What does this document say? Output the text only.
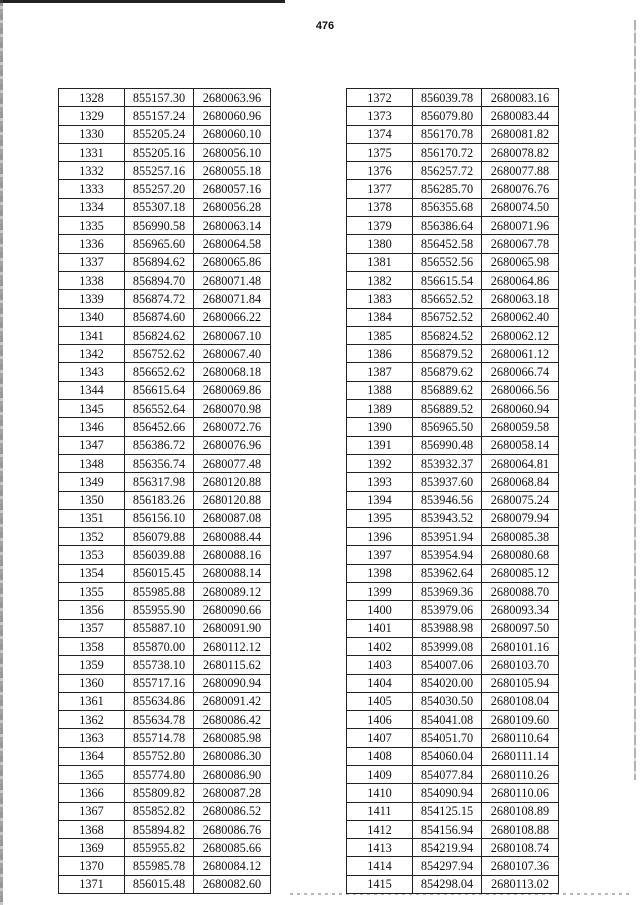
476
1328	855157.30	2680063.96
1329	855157.24	2680060.96
1330	855205.24	2680060.10
1331	855205.16	2680056.10
1332	855257.16	2680055.18
1333	855257.20	2680057.16
1334	855307.18	2680056.28
1335	856990.58	2680063.14
1336	856965.60	2680064.58
1337	856894.62	2680065.86
1338	856894.70	2680071.48
1339	856874.72	2680071.84
1340	856874.60	2680066.22
1341	856824.62	2680067.10
1342	856752.62	2680067.40
1343	856652.62	2680068.18
1344	856615.64	2680069.86
1345	856552.64	2680070.98
1346	856452.66	2680072.76
1347	856386.72	2680076.96
1348	856356.74	2680077.48
1349	856317.98	2680120.88
1350	856183.26	2680120.88
1351	856156.10	2680087.08
1352	856079.88	2680088.44
1353	856039.88	2680088.16
1354	856015.45	2680088.14
1355	855985.88	2680089.12
1356	855955.90	2680090.66
1357	855887.10	2680091.90
1358	855870.00	2680112.12
1359	855738.10	2680115.62
1360	855717.16	2680090.94
1361	855634.86	2680091.42
1362	855634.78	2680086.42
1363	855714.78	2680085.98
1364	855752.80	2680086.30
1365	855774.80	2680086.90
1366	855809.82	2680087.28
1367	855852.82	2680086.52
1368	855894.82	2680086.76
1369	855955.82	2680085.66
1370	855985.78	2680084.12
1371	856015.48	2680082.60
1372	856039.78	2680083.16
1373	856079.80	2680083.44
1374	856170.78	2680081.82
1375	856170.72	2680078.82
1376	856257.72	2680077.88
1377	856285.70	2680076.76
1378	856355.68	2680074.50
1379	856386.64	2680071.96
1380	856452.58	2680067.78
1381	856552.56	2680065.98
1382	856615.54	2680064.86
1383	856652.52	2680063.18
1384	856752.52	2680062.40
1385	856824.52	2680062.12
1386	856879.52	2680061.12
1387	856879.62	2680066.74
1388	856889.62	2680066.56
1389	856889.52	2680060.94
1390	856965.50	2680059.58
1391	856990.48	2680058.14
1392	853932.37	2680064.81
1393	853937.60	2680068.84
1394	853946.56	2680075.24
1395	853943.52	2680079.94
1396	853951.94	2680085.38
1397	853954.94	2680080.68
1398	853962.64	2680085.12
1399	853969.36	2680088.70
1400	853979.06	2680093.34
1401	853988.98	2680097.50
1402	853999.08	2680101.16
1403	854007.06	2680103.70
1404	854020.00	2680105.94
1405	854030.50	2680108.04
1406	854041.08	2680109.60
1407	854051.70	2680110.64
1408	854060.04	2680111.14
1409	854077.84	2680110.26
1410	854090.94	2680110.06
1411	854125.15	2680108.89
1412	854156.94	2680108.88
1413	854219.94	2680108.74
1414	854297.94	2680107.36
1415	854298.04	2680113.02
